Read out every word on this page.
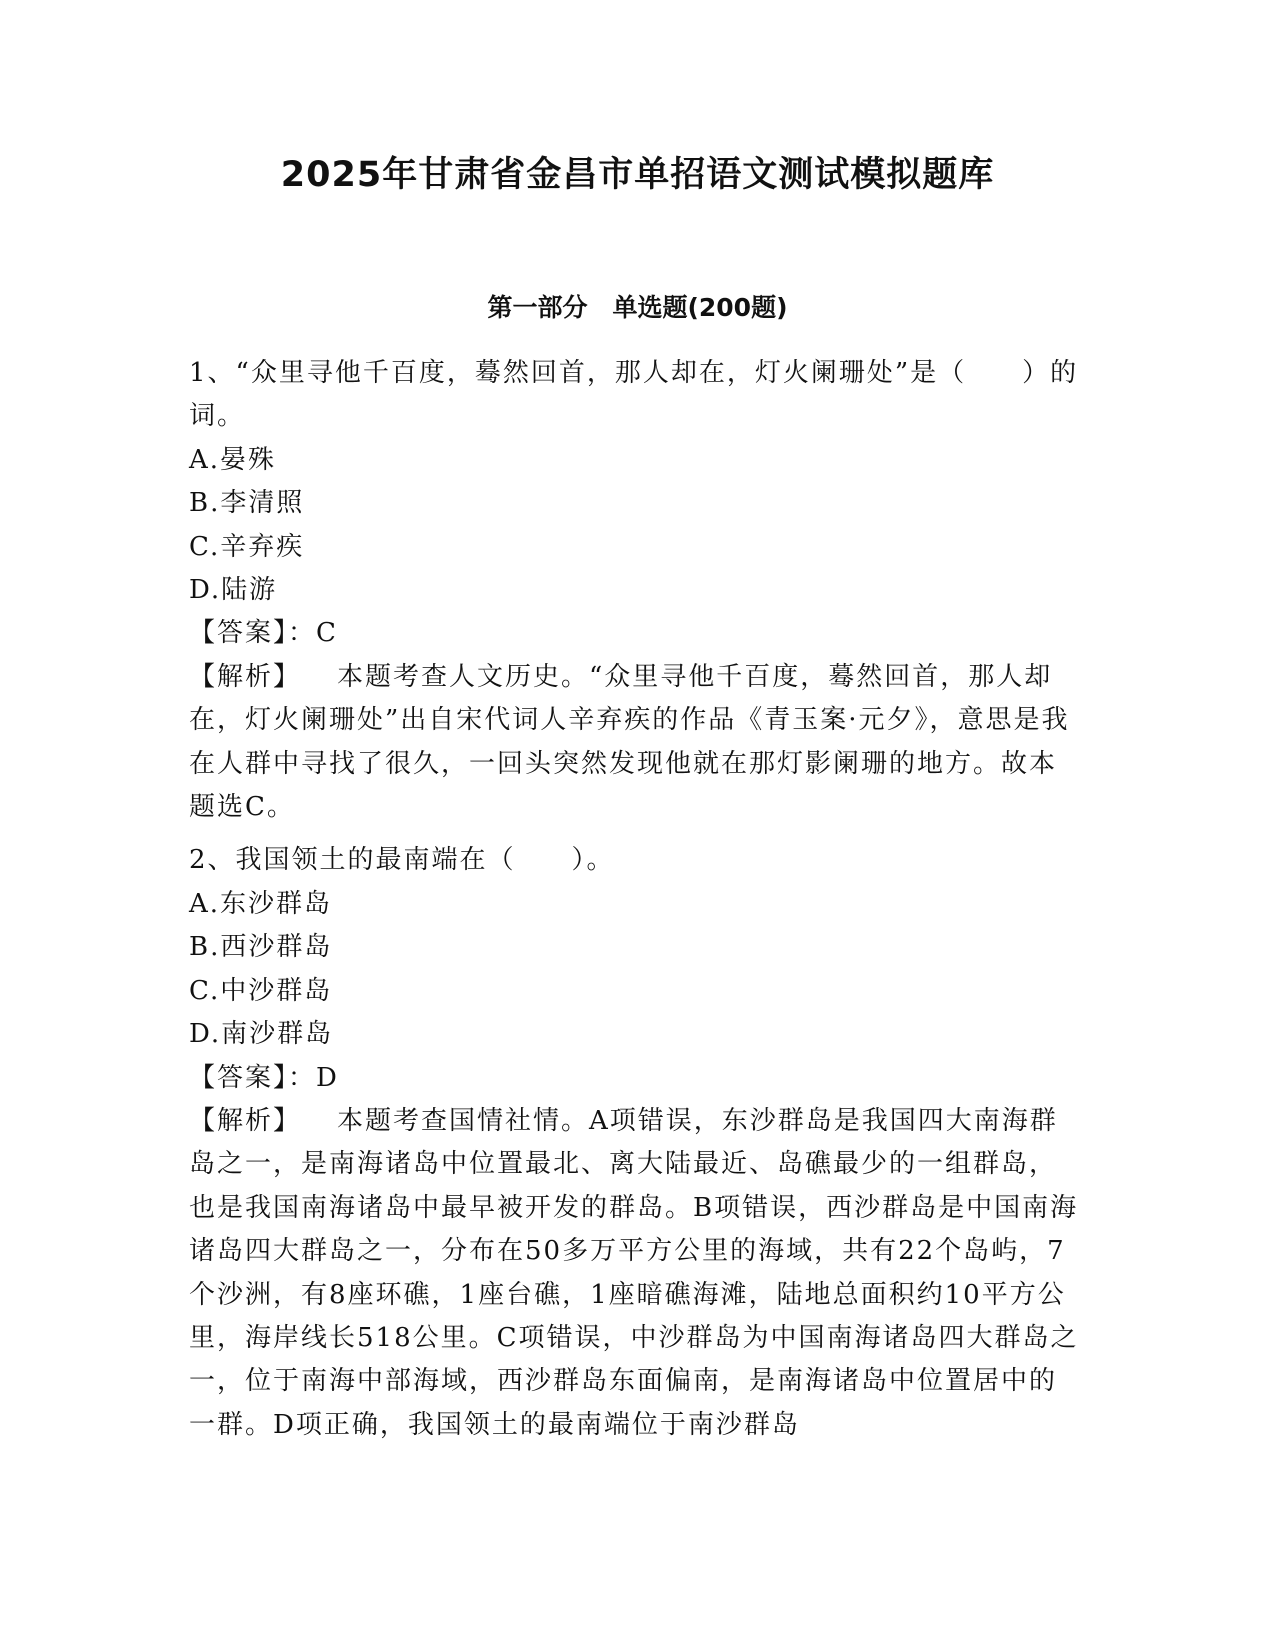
2025年甘肃省金昌市单招语文测试模拟题库
第一部分　单选题(200题)

1、“众里寻他千百度，蓦然回首，那人却在，灯火阑珊处”是（　　）的词。

A.晏殊

B.李清照

C.辛弃疾

D.陆游

【答案】：C

【解析】 本题考查人文历史。“众里寻他千百度，蓦然回首，那人却在，灯火阑珊处”出自宋代词人辛弃疾的作品《青玉案·元夕》，意思是我在人群中寻找了很久，一回头突然发现他就在那灯影阑珊的地方。故本题选C。

2、我国领土的最南端在（　　）。

A.东沙群岛

B.西沙群岛

C.中沙群岛

D.南沙群岛

【答案】：D

【解析】 本题考查国情社情。A项错误，东沙群岛是我国四大南海群岛之一，是南海诸岛中位置最北、离大陆最近、岛礁最少的一组群岛，也是我国南海诸岛中最早被开发的群岛。B项错误，西沙群岛是中国南海诸岛四大群岛之一，分布在50多万平方公里的海域，共有22个岛屿，7个沙洲，有8座环礁，1座台礁，1座暗礁海滩，陆地总面积约10平方公里，海岸线长518公里。C项错误，中沙群岛为中国南海诸岛四大群岛之一，位于南海中部海域，西沙群岛东面偏南，是南海诸岛中位置居中的一群。D项正确，我国领土的最南端位于南沙群岛
